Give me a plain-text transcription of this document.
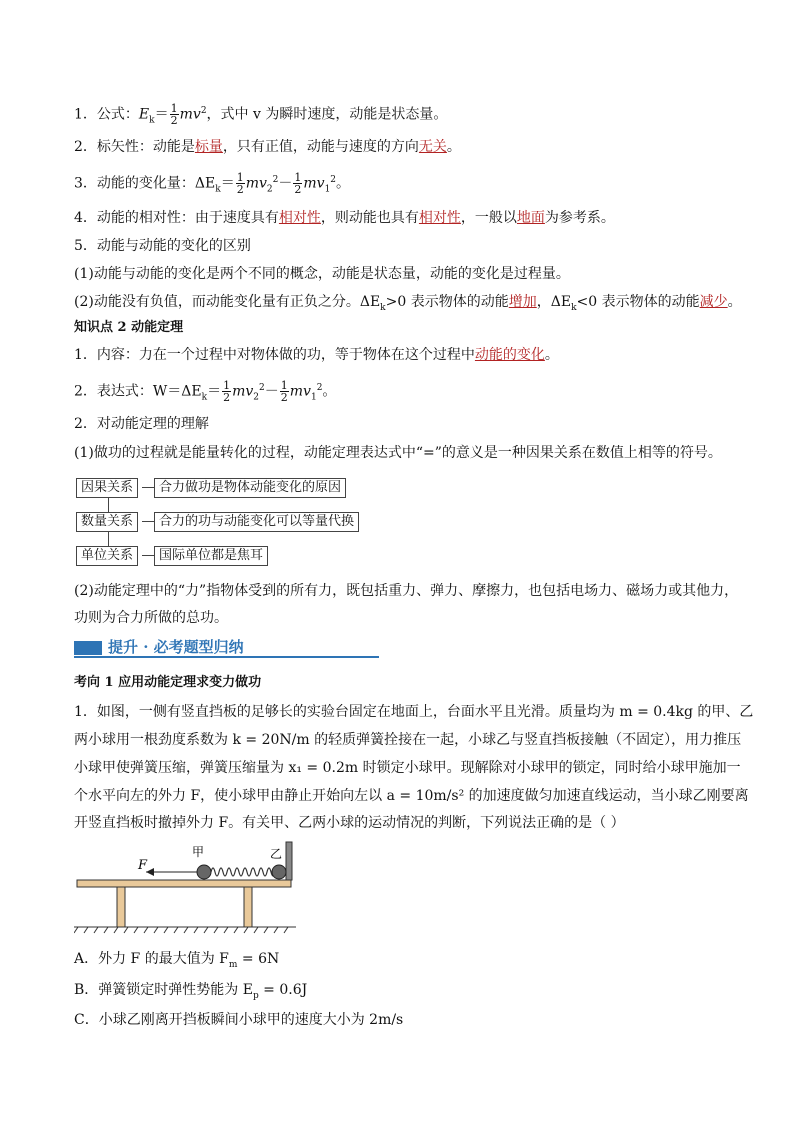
1．公式：$E_k= \frac{1}{2} mv^2$，式中 v 为瞬时速度，动能是状态量。
2．标矢性：动能是标量，只有正值，动能与速度的方向无关。
3．动能的变化量：$\Delta E_k= \frac{1}{2} mv_2^2- \frac{1}{2} mv_1^2$。
4．动能的相对性：由于速度具有相对性，则动能也具有相对性，一般以地面为参考系。
5．动能与动能的变化的区别
(1)动能与动能的变化是两个不同的概念，动能是状态量，动能的变化是过程量。
(2)动能没有负值，而动能变化量有正负之分。$\Delta E_k>0$ 表示物体的动能增加，$\Delta E_k<0$ 表示物体的动能减少。
知识点 2 动能定理
1．内容：力在一个过程中对物体做的功，等于物体在这个过程中动能的变化。
2．表达式：$W=\Delta E_k= \frac{1}{2} mv_2^2- \frac{1}{2} mv_1^2$。
2．对动能定理的理解
(1)做功的过程就是能量转化的过程，动能定理表达式中“=”的意义是一种因果关系在数值上相等的符号。
因果关系	合力做功是物体动能变化的原因
数量关系	合力的功与动能变化可以等量代换
单位关系	国际单位都是焦耳
(2)动能定理中的“力”指物体受到的所有力，既包括重力、弹力、摩擦力，也包括电场力、磁场力或其他力，
功则为合力所做的总功。
提升 · 必考题型归纳
考向 1 应用动能定理求变力做功
1．如图，一侧有竖直挡板的足够长的实验台固定在地面上，台面水平且光滑。质量均为 m = 0.4kg 的甲、乙
两小球用一根劲度系数为 k = 20N/m 的轻质弹簧拴接在一起，小球乙与竖直挡板接触（不固定），用力推压
小球甲使弹簧压缩，弹簧压缩量为 x₁ = 0.2m 时锁定小球甲。现解除对小球甲的锁定，同时给小球甲施加一
个水平向左的外力 F，使小球甲由静止开始向左以 a = 10m/s² 的加速度做匀加速直线运动，当小球乙刚要离
开竖直挡板时撤掉外力 F。有关甲、乙两小球的运动情况的判断，下列说法正确的是（ ）
F
甲	乙
A．外力 F 的最大值为 $F_m = 6N$
B．弹簧锁定时弹性势能为 $E_p = 0.6J$
C．小球乙刚离开挡板瞬间小球甲的速度大小为 2m/s
